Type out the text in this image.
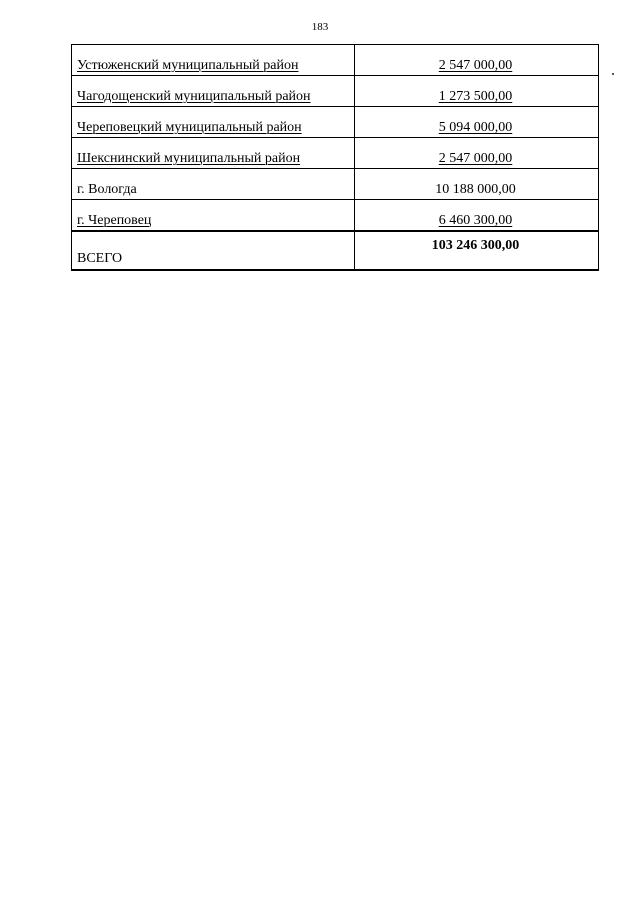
183
Устюженский муниципальный район	2 547 000,00
Чагодощенский муниципальный район	1 273 500,00
Череповецкий муниципальный район	5 094 000,00
Шекснинский муниципальный район	2 547 000,00
г. Вологда	10 188 000,00
г. Череповец	6 460 300,00
ВСЕГО	103 246 300,00
